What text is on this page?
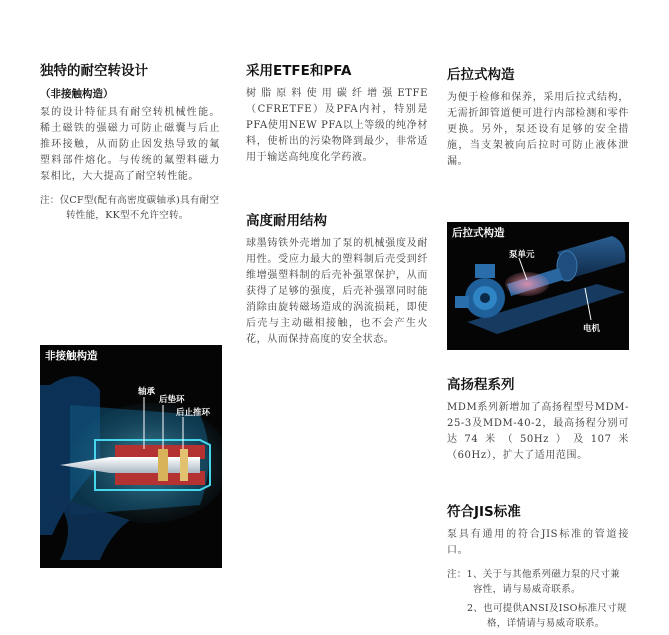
独特的耐空转设计
（非接触构造）

泵的设计特征具有耐空转机械性能。稀土磁铁的强磁力可防止磁囊与后止推环接触，从而防止因发热导致的氟塑料部件熔化。与传统的氟塑料磁力泵相比，大大提高了耐空转性能。

注：仅CF型(配有高密度碳轴承)具有耐空转性能，KK型不允许空转。

采用ETFE和PFA

树脂原料使用碳纤增强ETFE（CFRETFE）及PFA内衬，特别是PFA使用NEW PFA以上等级的纯净材料，使析出的污染物降到最少，非常适用于输送高纯度化学药液。

高度耐用结构

球墨铸铁外壳增加了泵的机械强度及耐用性。受应力最大的塑料制后壳受到纤维增强塑料制的后壳补强罩保护，从而获得了足够的强度，后壳补强罩同时能消除由旋转磁场造成的涡流损耗，即使后壳与主动磁相接触，也不会产生火花，从而保持高度的安全状态。

后拉式构造

为便于检修和保养，采用后拉式结构，无需折卸管道便可进行内部检测和零件更换。另外，泵还设有足够的安全措施，当支架被向后拉时可防止液体泄漏。

高扬程系列

MDM系列新增加了高扬程型号MDM-25-3及MDM-40-2，最高扬程分别可达74米（50Hz）及107米（60Hz），扩大了适用范围。

符合JIS标准

泵具有通用的符合JIS标准的管道接口。

注：1、关于与其他系列磁力泵的尺寸兼容性，请与易威奇联系。

2、也可提供ANSI及ISO标准尺寸规格，详情请与易威奇联系。

非接触构造
轴承
后垫环
后止推环
后拉式构造
泵单元
电机
